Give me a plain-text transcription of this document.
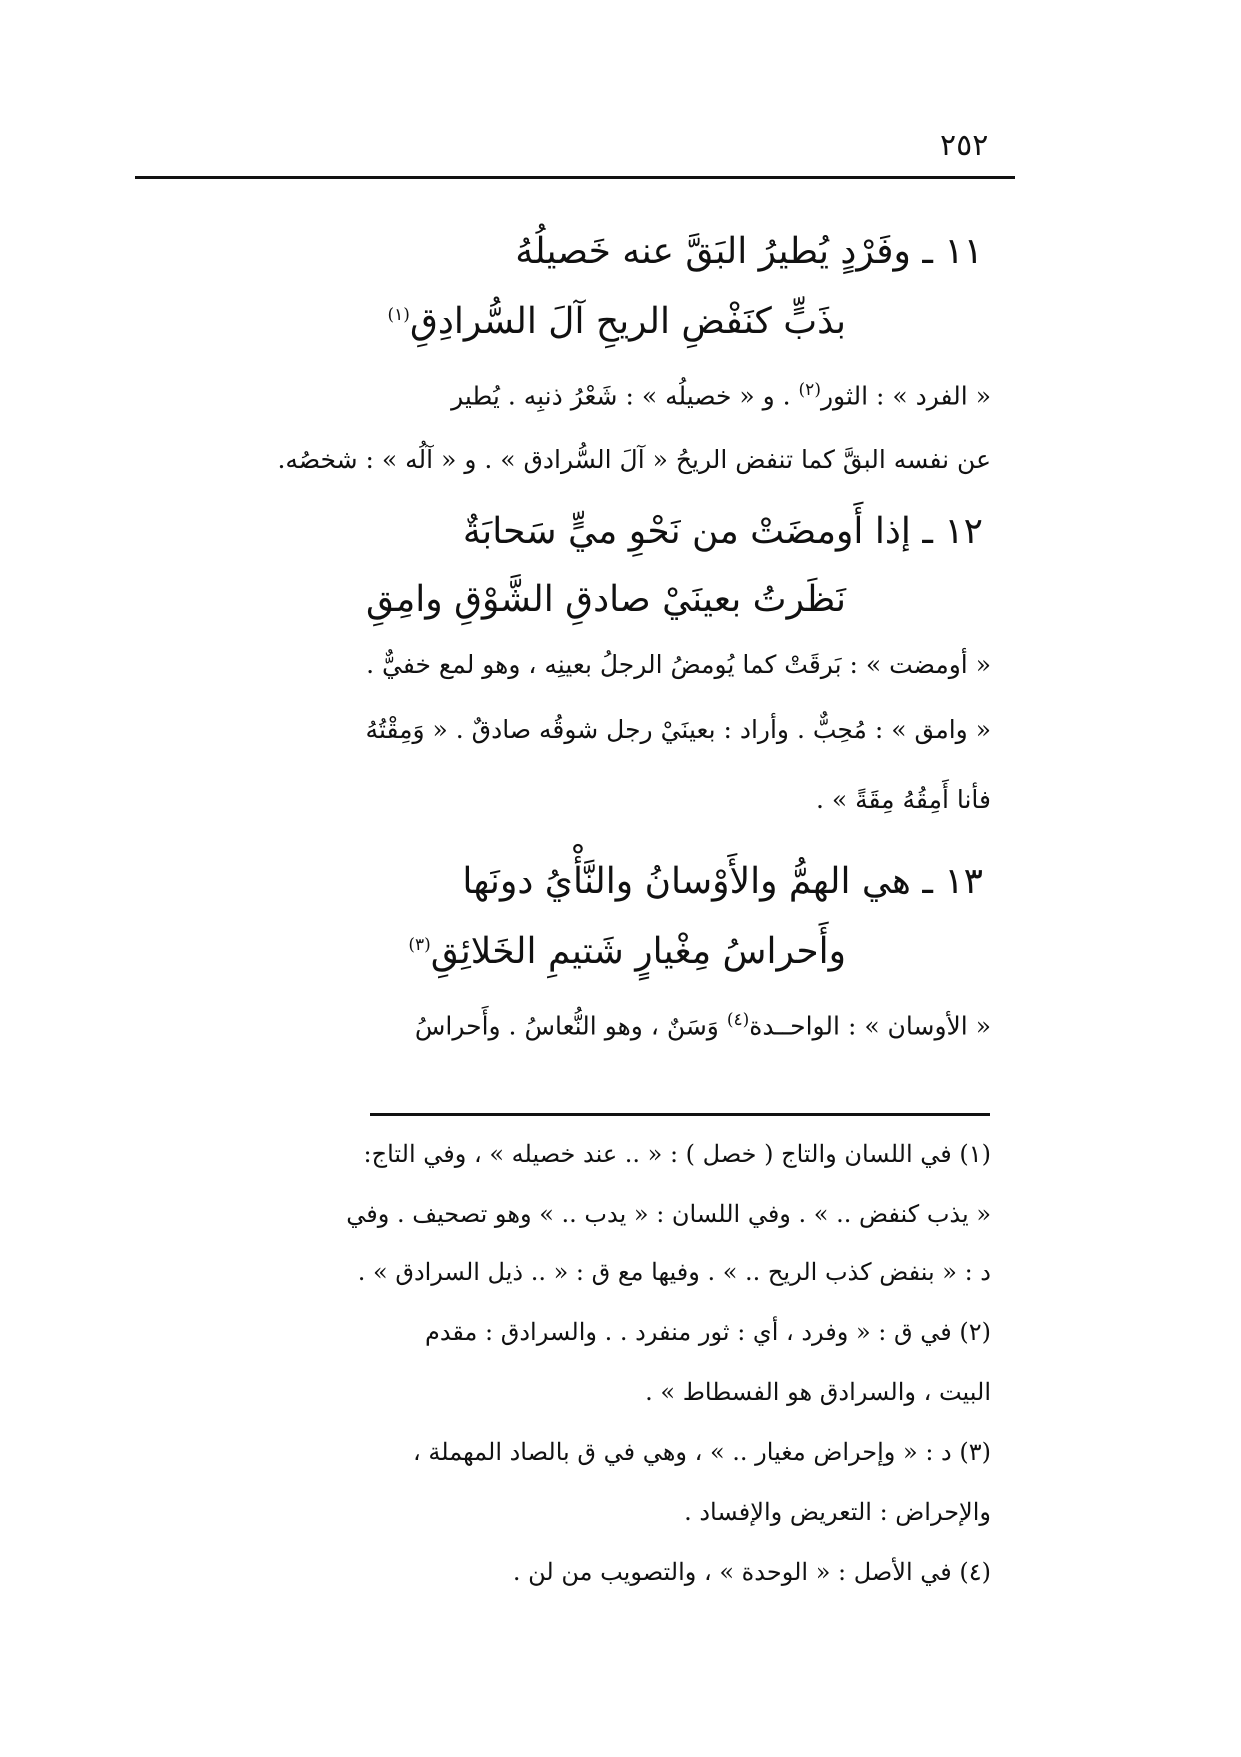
٢٥٢
١١ ـ وفَرْدٍ يُطيرُ البَقَّ عنه خَصيلُهُ
بذَبٍّ كنَفْضِ الريحِ آلَ السُّرادِقِ$^{(١)}$
« الفرد » : الثور$^{(٢)}$ . و « خصيلُه » : شَعْرُ ذنبِه . يُطير
عن نفسه البقَّ كما تنفض الريحُ « آلَ السُّرادق » . و « آلُه » : شخصُه.
١٢ ـ إذا أَومضَتْ من نَحْوِ ميٍّ سَحابَةٌ
نَظَرتُ بعينَيْ صادقِ الشَّوْقِ وامِقِ
« أومضت » : بَرقَتْ كما يُومضُ الرجلُ بعينِه ، وهو لمع خفيٌّ .
« وامق » : مُحِبٌّ . وأراد : بعينَيْ رجل شوقُه صادقٌ . « وَمِقْتُهُ
فأنا أَمِقُهُ مِقَةً » .
١٣ ـ هي الهمُّ والأَوْسانُ والنَّأْيُ دونَها
وأَحراسُ مِغْيارٍ شَتيمِ الخَلائِقِ$^{(٣)}$
« الأوسان » : الواحــدة$^{(٤)}$ وَسَنٌ ، وهو النُّعاسُ . وأَحراسُ
(١) في اللسان والتاج ( خصل ) : « .. عند خصيله » ، وفي التاج:
« يذب كنفض .. » . وفي اللسان : « يدب .. » وهو تصحيف . وفي
د : « بنفض كذب الريح .. » . وفيها مع ق : « .. ذيل السرادق » .
(٢) في ق : « وفرد ، أي : ثور منفرد . . والسرادق : مقدم
البيت ، والسرادق هو الفسطاط » .
(٣) د : « وإحراض مغيار .. » ، وهي في ق بالصاد المهملة ،
والإحراض : التعريض والإفساد .
(٤) في الأصل : « الوحدة » ، والتصويب من لن .
